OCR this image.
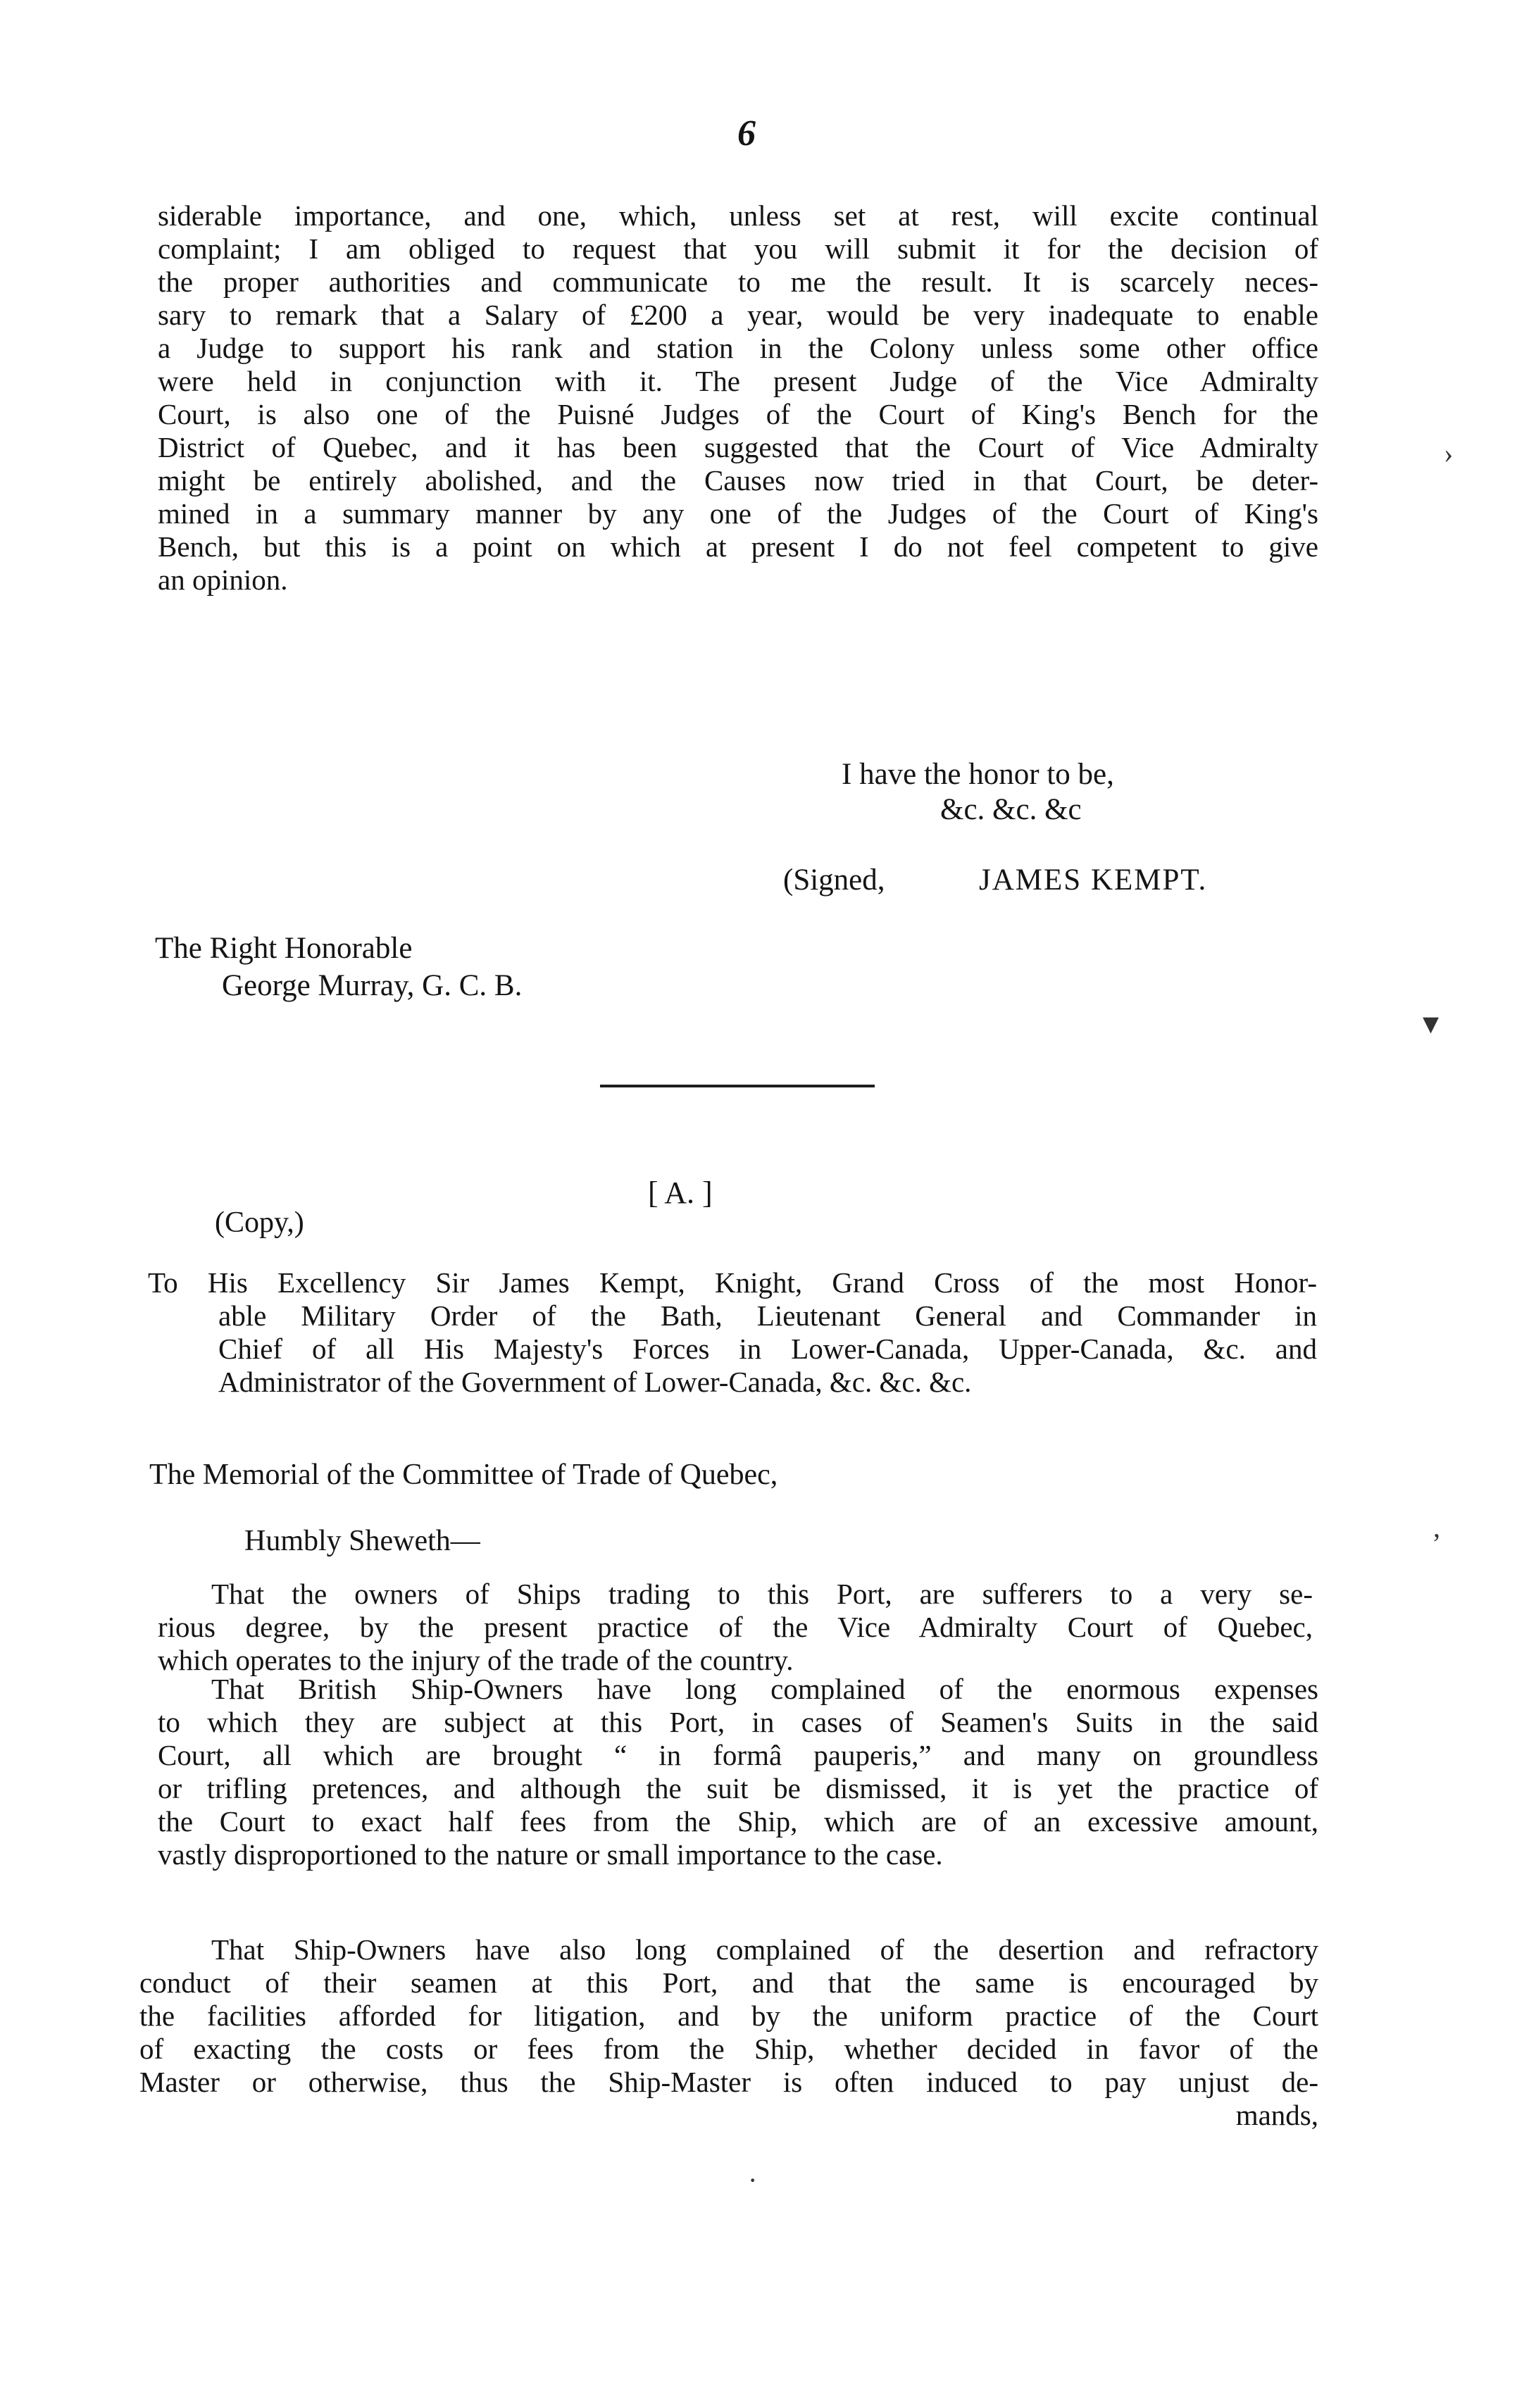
6
siderable importance, and one, which, unless set at rest, will excite continual
complaint; I am obliged to request that you will submit it for the decision of
the proper authorities and communicate to me the result. It is scarcely neces-
sary to remark that a Salary of £200 a year, would be very inadequate to enable
a Judge to support his rank and station in the Colony unless some other office
were held in conjunction with it. The present Judge of the Vice Admiralty
Court, is also one of the Puisné Judges of the Court of King's Bench for the
District of Quebec, and it has been suggested that the Court of Vice Admiralty
might be entirely abolished, and the Causes now tried in that Court, be deter-
mined in a summary manner by any one of the Judges of the Court of King's
Bench, but this is a point on which at present I do not feel competent to give
an opinion.
I have the honor to be,
&c. &c. &c
(Signed,	JAMES KEMPT.
The Right Honorable
George Murray, G. C. B.
[ A. ]
(Copy,)
To His Excellency Sir James Kempt, Knight, Grand Cross of the most Honor-
able Military Order of the Bath, Lieutenant General and Commander in
Chief of all His Majesty's Forces in Lower-Canada, Upper-Canada, &c. and
Administrator of the Government of Lower-Canada, &c. &c. &c.
The Memorial of the Committee of Trade of Quebec,
Humbly Sheweth—
That the owners of Ships trading to this Port, are sufferers to a very se-
rious degree, by the present practice of the Vice Admiralty Court of Quebec,
which operates to the injury of the trade of the country.
That British Ship-Owners have long complained of the enormous expenses
to which they are subject at this Port, in cases of Seamen's Suits in the said
Court, all which are brought “ in formâ pauperis,” and many on groundless
or trifling pretences, and although the suit be dismissed, it is yet the practice of
the Court to exact half fees from the Ship, which are of an excessive amount,
vastly disproportioned to the nature or small importance to the case.
That Ship-Owners have also long complained of the desertion and refractory
conduct of their seamen at this Port, and that the same is encouraged by
the facilities afforded for litigation, and by the uniform practice of the Court
of exacting the costs or fees from the Ship, whether decided in favor of the
Master or otherwise, thus the Ship-Master is often induced to pay unjust de-
mands,
›
▾
,
·
